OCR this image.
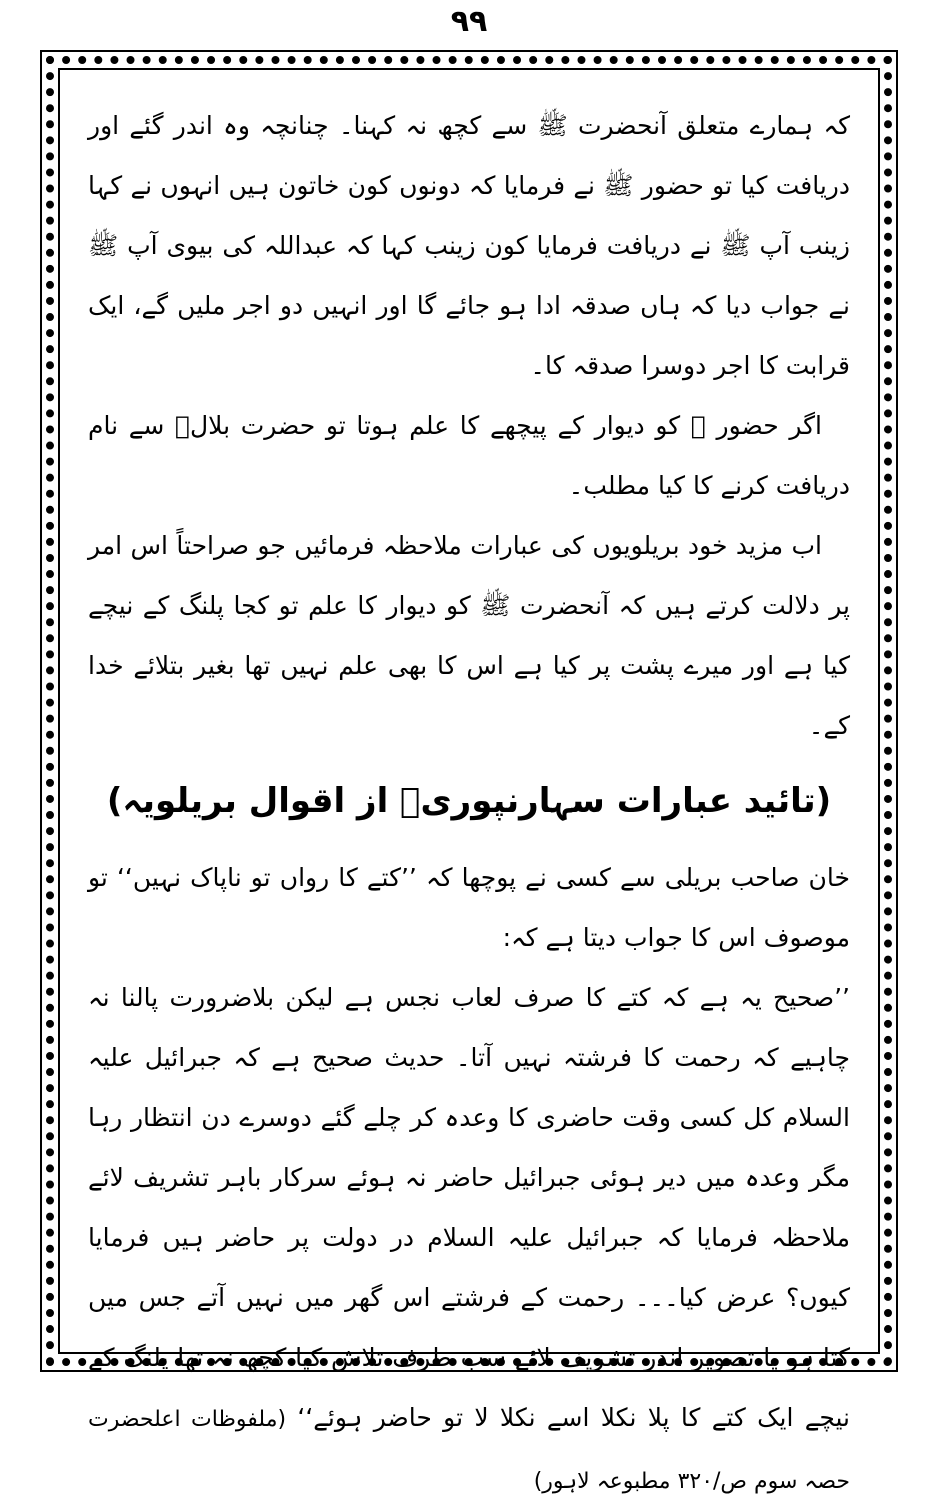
٩٩

کہ ہمارے متعلق آنحضرت ﷺ سے کچھ نہ کہنا۔ چنانچہ وہ اندر گئے اور دریافت کیا تو حضور ﷺ نے فرمایا کہ دونوں کون خاتون ہیں انہوں نے کہا زینب آپ ﷺ نے دریافت فرمایا کون زینب کہا کہ عبداللہ کی بیوی آپ ﷺ نے جواب دیا کہ ہاں صدقہ ادا ہو جائے گا اور انہیں دو اجر ملیں گے، ایک قرابت کا اجر دوسرا صدقہ کا۔

اگر حضور ﷺ کو دیوار کے پیچھے کا علم ہوتا تو حضرت بلالؓ سے نام دریافت کرنے کا کیا مطلب۔

اب مزید خود بریلویوں کی عبارات ملاحظہ فرمائیں جو صراحتاً اس امر پر دلالت کرتے ہیں کہ آنحضرت ﷺ کو دیوار کا علم تو کجا پلنگ کے نیچے کیا ہے اور میرے پشت پر کیا ہے اس کا بھی علم نہیں تھا بغیر بتلائے خدا کے۔

(تائید عبارات سہارنپوریؒ از اقوال بریلویہ)

خان صاحب بریلی سے کسی نے پوچھا کہ ’’کتے کا رواں تو ناپاک نہیں‘‘ تو موصوف اس کا جواب دیتا ہے کہ:

’’صحیح یہ ہے کہ کتے کا صرف لعاب نجس ہے لیکن بلاضرورت پالنا نہ چاہیے کہ رحمت کا فرشتہ نہیں آتا۔ حدیث صحیح ہے کہ جبرائیل علیہ السلام کل کسی وقت حاضری کا وعدہ کر چلے گئے دوسرے دن انتظار رہا مگر وعدہ میں دیر ہوئی جبرائیل حاضر نہ ہوئے سرکار باہر تشریف لائے ملاحظہ فرمایا کہ جبرائیل علیہ السلام در دولت پر حاضر ہیں فرمایا کیوں؟ عرض کیا۔۔۔ رحمت کے فرشتے اس گھر میں نہیں آتے جس میں کتا ہو یا تصویر اندر تشریف لائے سب طرف تلاش کیا کچھ نہ تھا پلنگ کے نیچے ایک کتے کا پلا نکلا اسے نکلا لا تو حاضر ہوئے‘‘ (ملفوظات اعلحضرت حصہ سوم ص/۳۲۰ مطبوعہ لاہور)
